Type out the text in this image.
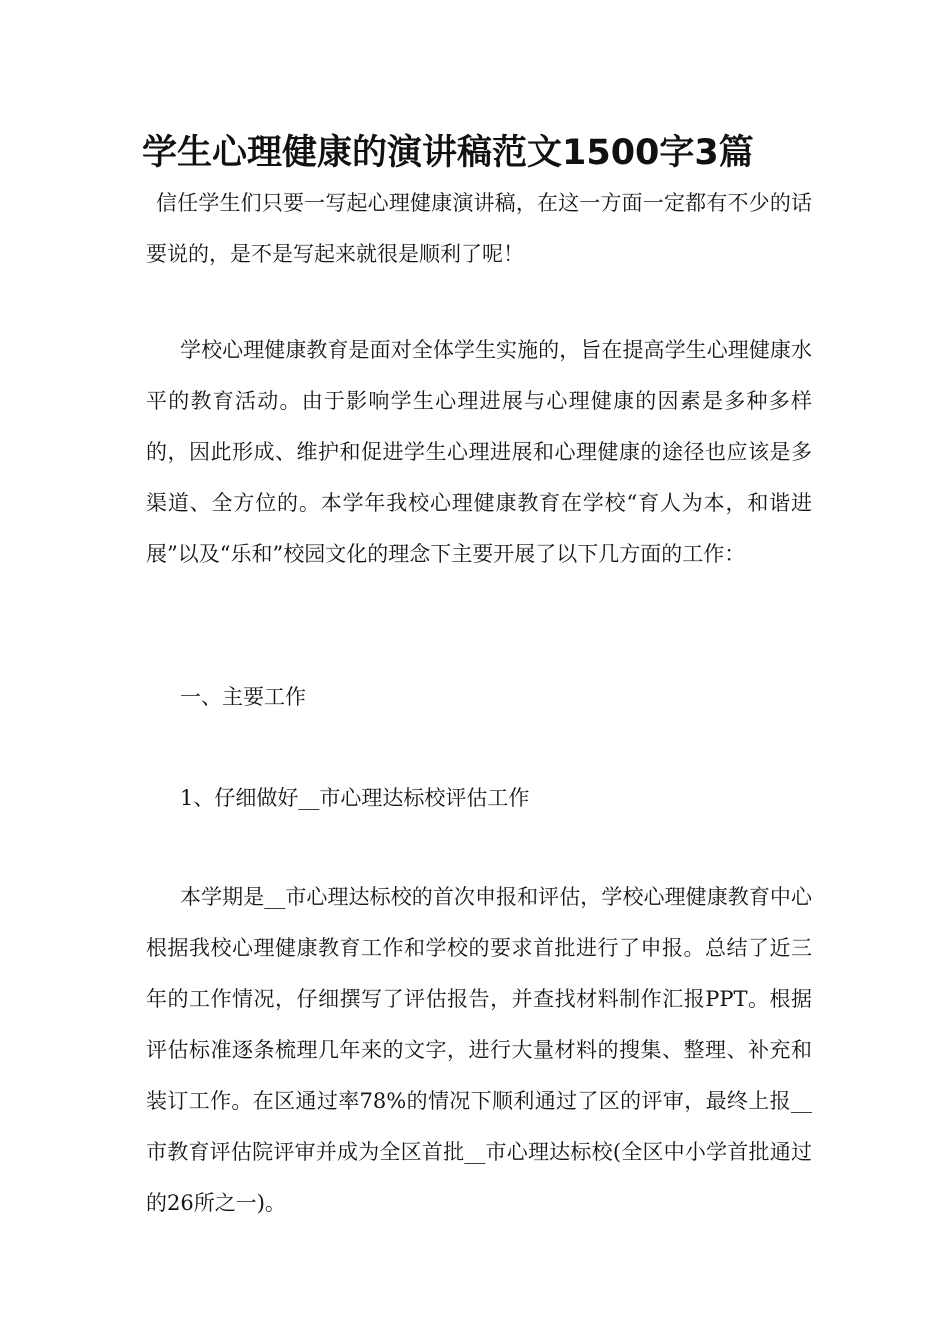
学生心理健康的演讲稿范文1500字3篇

信任学生们只要一写起心理健康演讲稿，在这一方面一定都有不少的话要说的，是不是写起来就很是顺利了呢！

学校心理健康教育是面对全体学生实施的，旨在提高学生心理健康水平的教育活动。由于影响学生心理进展与心理健康的因素是多种多样的，因此形成、维护和促进学生心理进展和心理健康的途径也应该是多渠道、全方位的。本学年我校心理健康教育在学校“育人为本，和谐进展”以及“乐和”校园文化的理念下主要开展了以下几方面的工作：

一、主要工作

1、仔细做好__市心理达标校评估工作

本学期是__市心理达标校的首次申报和评估，学校心理健康教育中心根据我校心理健康教育工作和学校的要求首批进行了申报。总结了近三年的工作情况，仔细撰写了评估报告，并查找材料制作汇报PPT。根据评估标准逐条梳理几年来的文字，进行大量材料的搜集、整理、补充和装订工作。在区通过率78%的情况下顺利通过了区的评审，最终上报__市教育评估院评审并成为全区首批__市心理达标校(全区中小学首批通过的26所之一)。
